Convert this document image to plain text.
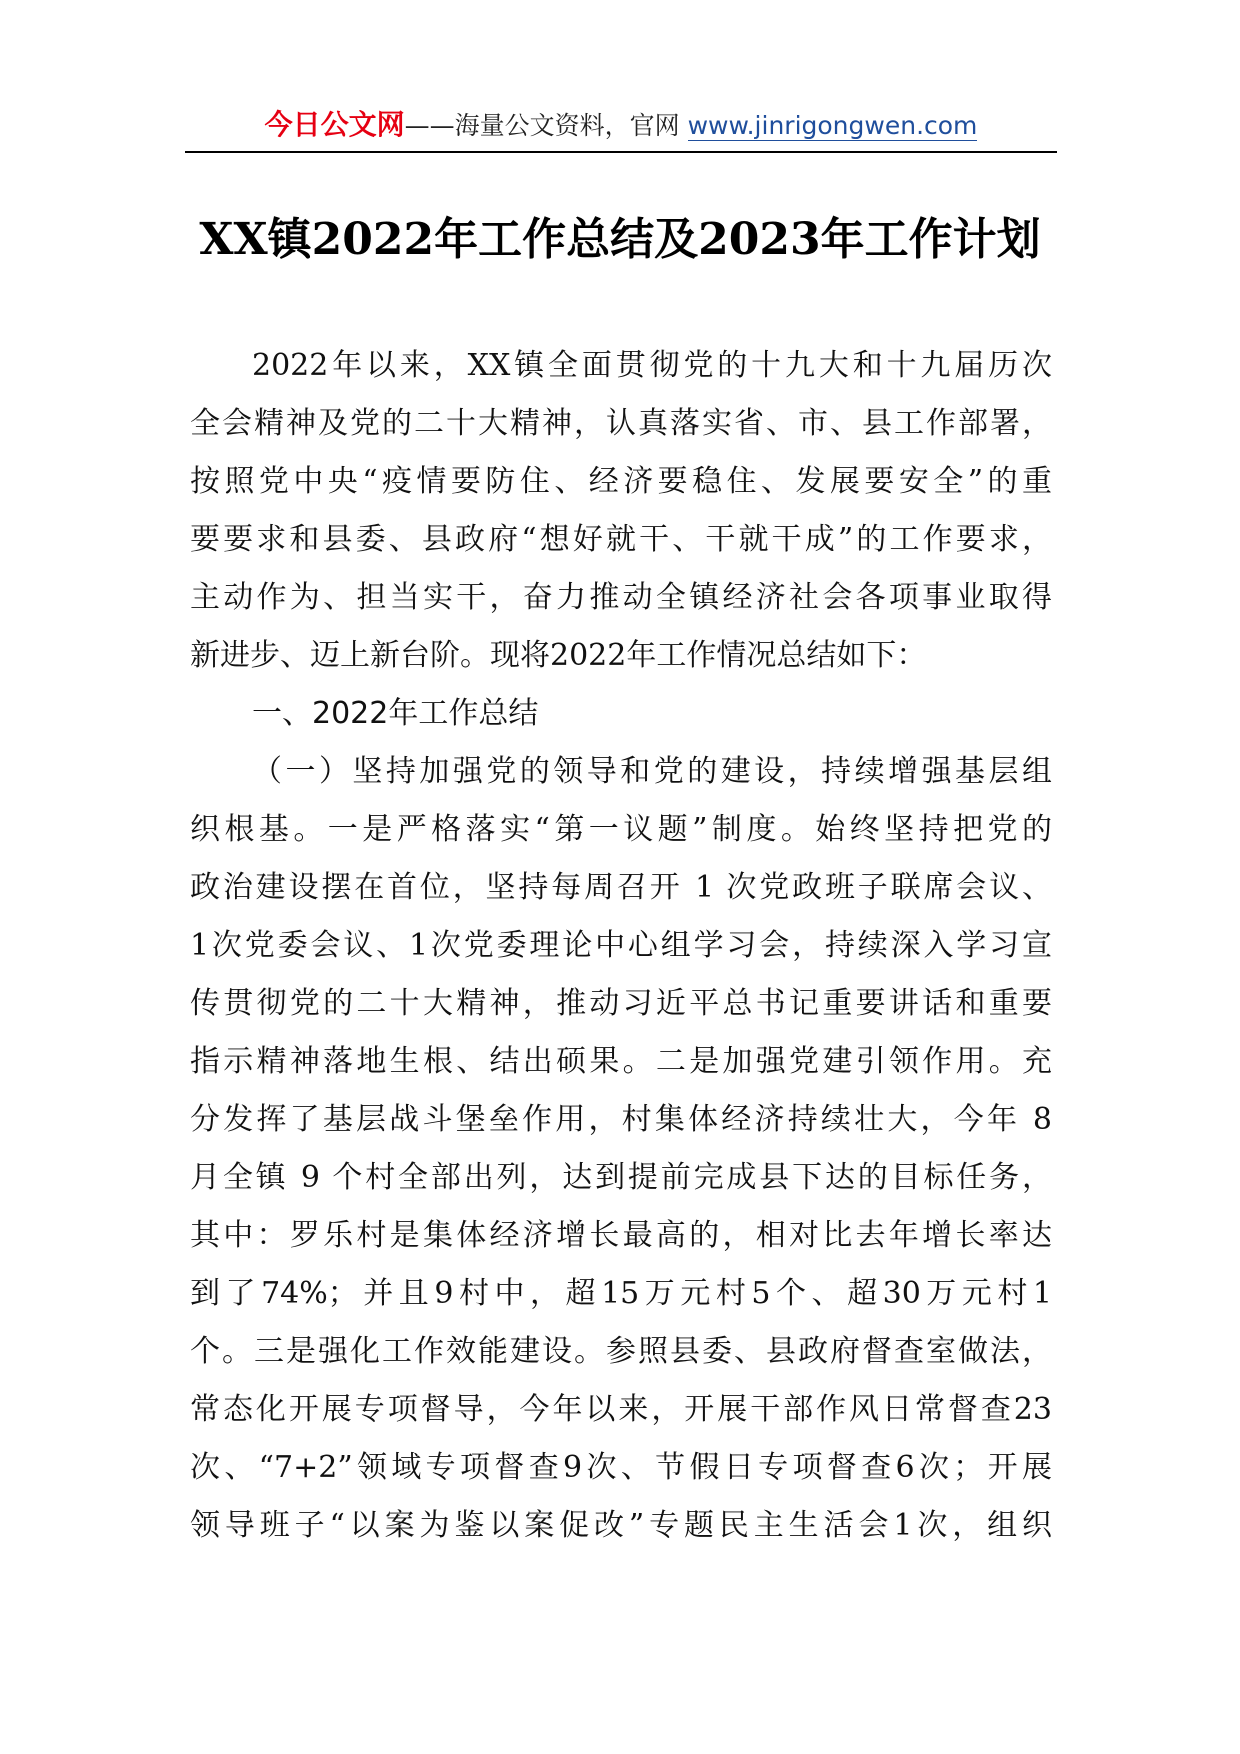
今日公文网——海量公文资料，官网 www.jinrigongwen.com
XX镇2022年工作总结及2023年工作计划
2022年以来，XX镇全面贯彻党的十九大和十九届历次
全会精神及党的二十大精神，认真落实省、市、县工作部署，
按照党中央“疫情要防住、经济要稳住、发展要安全”的重
要要求和县委、县政府“想好就干、干就干成”的工作要求，
主动作为、担当实干，奋力推动全镇经济社会各项事业取得
新进步、迈上新台阶。现将2022年工作情况总结如下：
一、2022年工作总结
（一）坚持加强党的领导和党的建设，持续增强基层组
织根基。一是严格落实“第一议题”制度。始终坚持把党的
政治建设摆在首位，坚持每周召开 1 次党政班子联席会议、
1次党委会议、1次党委理论中心组学习会，持续深入学习宣
传贯彻党的二十大精神，推动习近平总书记重要讲话和重要
指示精神落地生根、结出硕果。二是加强党建引领作用。充
分发挥了基层战斗堡垒作用，村集体经济持续壮大，今年 8
月全镇 9 个村全部出列，达到提前完成县下达的目标任务，
其中：罗乐村是集体经济增长最高的，相对比去年增长率达
到了74%；并且9村中，超15万元村5个、超30万元村1
个。三是强化工作效能建设。参照县委、县政府督查室做法，
常态化开展专项督导，今年以来，开展干部作风日常督查23
次、“7+2”领域专项督查9次、节假日专项督查6次；开展
领导班子“以案为鉴以案促改”专题民主生活会1次，组织
